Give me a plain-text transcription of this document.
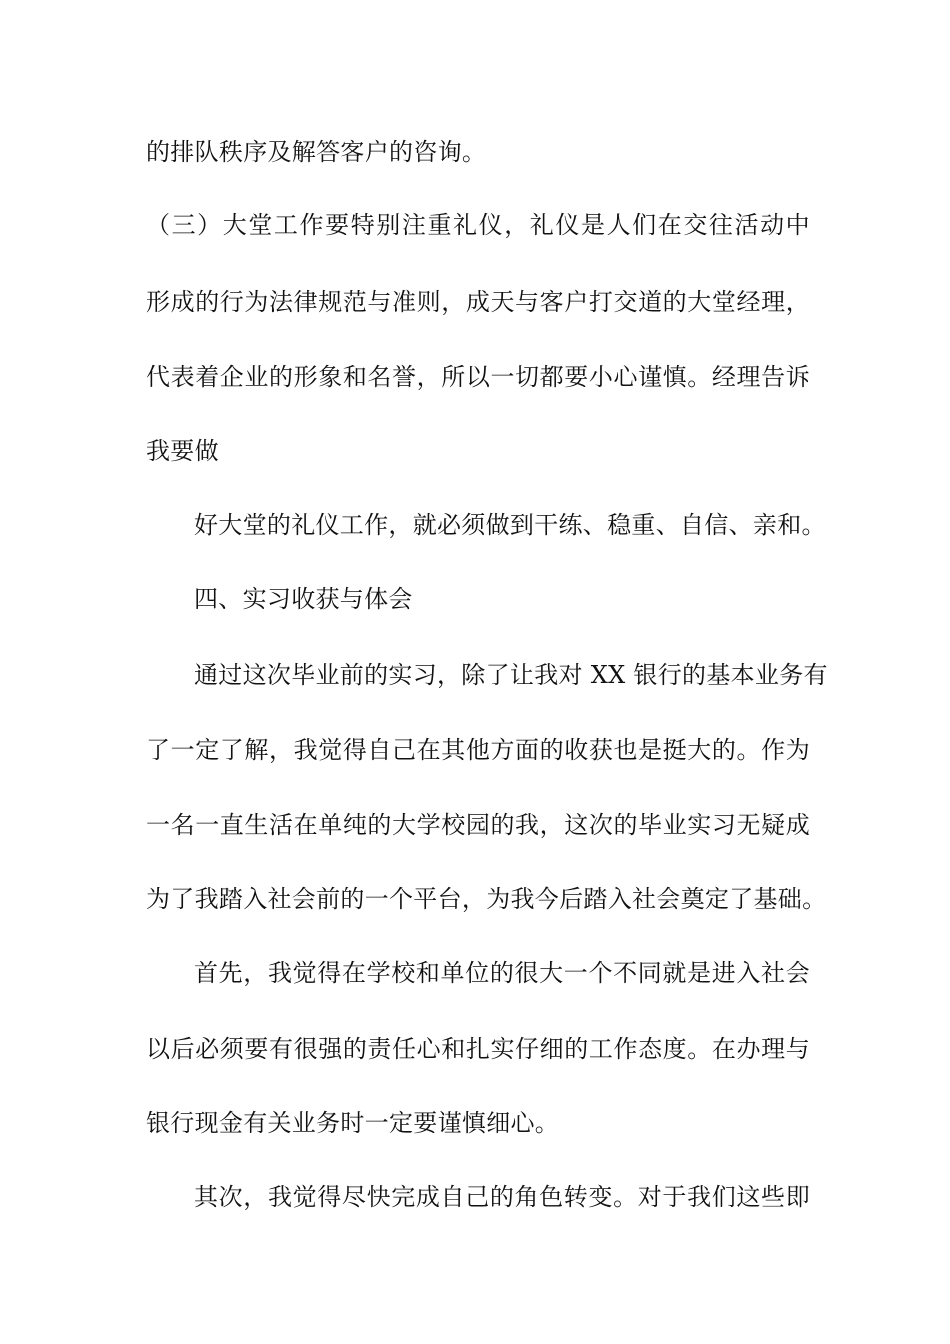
的排队秩序及解答客户的咨询。
（三）大堂工作要特别注重礼仪，礼仪是人们在交往活动中
形成的行为法律规范与准则，成天与客户打交道的大堂经理，
代表着企业的形象和名誉，所以一切都要小心谨慎。经理告诉
我要做
好大堂的礼仪工作，就必须做到干练、稳重、自信、亲和。
四、实习收获与体会
通过这次毕业前的实习，除了让我对 XX 银行的基本业务有
了一定了解，我觉得自己在其他方面的收获也是挺大的。作为
一名一直生活在单纯的大学校园的我，这次的毕业实习无疑成
为了我踏入社会前的一个平台，为我今后踏入社会奠定了基础。
首先，我觉得在学校和单位的很大一个不同就是进入社会
以后必须要有很强的责任心和扎实仔细的工作态度。在办理与
银行现金有关业务时一定要谨慎细心。
其次，我觉得尽快完成自己的角色转变。对于我们这些即
